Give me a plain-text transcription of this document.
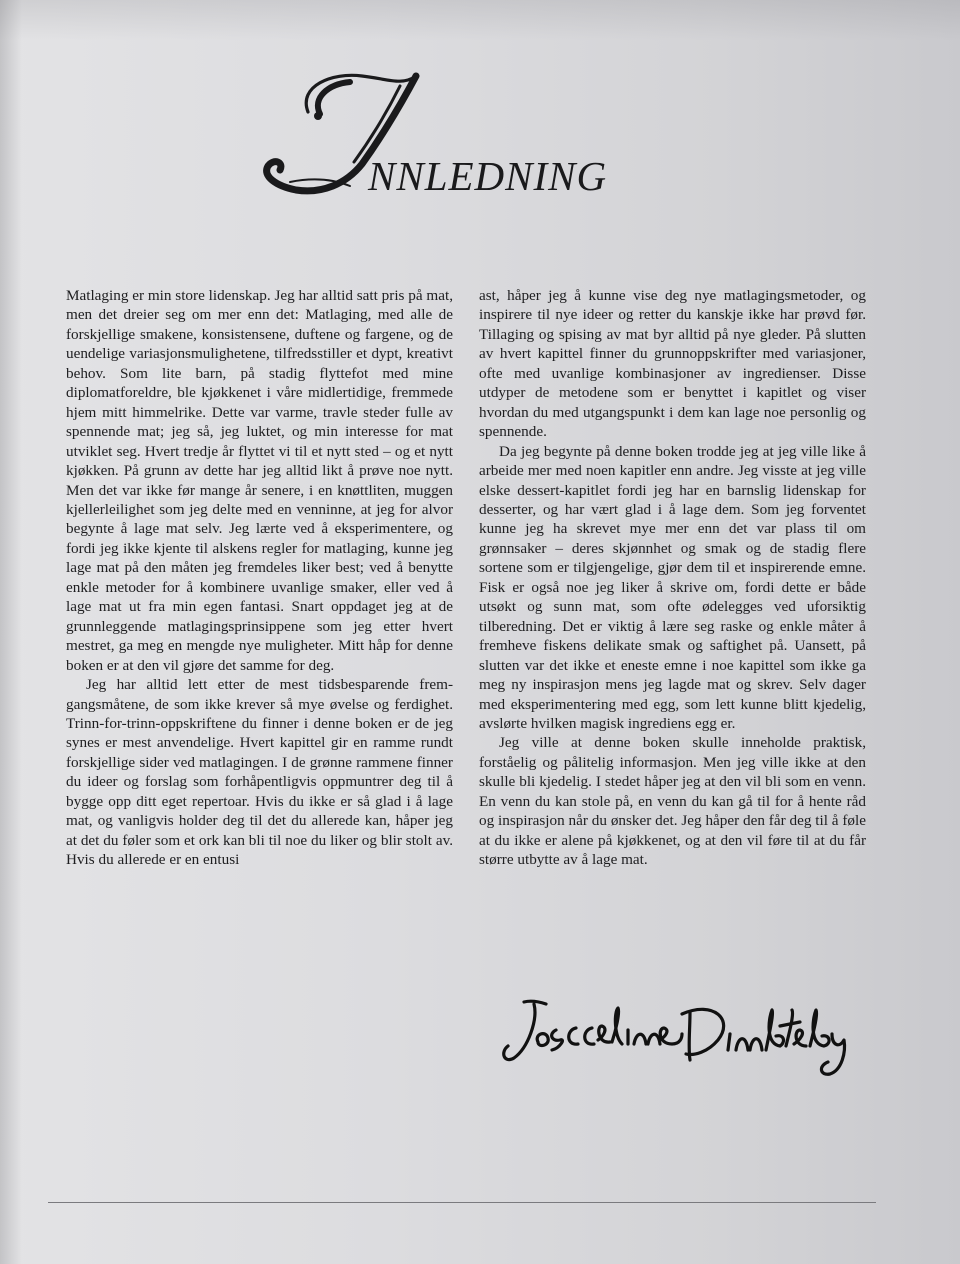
NNLEDNING

Matlaging er min store lidenskap. Jeg har alltid satt pris på mat, men det dreier seg om mer enn det: Matlaging, med alle de forskjellige smakene, konsistensene, duftene og fargene, og de uendelige variasjonsmulighetene, tilfredsstiller et dypt, kreativt behov. Som lite barn, på stadig flyttefot med mine diplomatforeldre, ble kjøkkenet i våre midlertidige, fremmede hjem mitt himmelrike. Dette var varme, travle steder fulle av spennende mat; jeg så, jeg luktet, og min interesse for mat utviklet seg. Hvert tredje år flyttet vi til et nytt sted – og et nytt kjøkken. På grunn av dette har jeg alltid likt å prøve noe nytt. Men det var ikke før mange år senere, i en knøttliten, muggen kjellerleilighet som jeg delte med en venninne, at jeg for alvor begynte å lage mat selv. Jeg lærte ved å eksperimentere, og fordi jeg ikke kjente til alskens regler for matlaging, kunne jeg lage mat på den måten jeg fremdeles liker best; ved å benytte enkle metoder for å kombinere uvanlige smaker, eller ved å lage mat ut fra min egen fantasi. Snart oppdaget jeg at de grunnleggende matlagingsprinsippene som jeg etter hvert mestret, ga meg en mengde nye muligheter. Mitt håp for denne boken er at den vil gjøre det samme for deg.

Jeg har alltid lett etter de mest tidsbesparende fremgangsmåtene, de som ikke krever så mye øvelse og ferdighet. Trinn-for-trinn-oppskriftene du finner i denne boken er de jeg synes er mest anvendelige. Hvert kapittel gir en ramme rundt forskjellige sider ved matlagingen. I de grønne rammene finner du ideer og forslag som forhåpentligvis oppmuntrer deg til å bygge opp ditt eget repertoar. Hvis du ikke er så glad i å lage mat, og vanligvis holder deg til det du allerede kan, håper jeg at det du føler som et ork kan bli til noe du liker og blir stolt av. Hvis du allerede er en entusi

ast, håper jeg å kunne vise deg nye matlagingsmetoder, og inspirere til nye ideer og retter du kanskje ikke har prøvd før. Tillaging og spising av mat byr alltid på nye gleder. På slutten av hvert kapittel finner du grunnoppskrifter med variasjoner, ofte med uvanlige kombinasjoner av ingredienser. Disse utdyper de metodene som er benyttet i kapitlet og viser hvordan du med utgangspunkt i dem kan lage noe personlig og spennende.

Da jeg begynte på denne boken trodde jeg at jeg ville like å arbeide mer med noen kapitler enn andre. Jeg visste at jeg ville elske dessert-kapitlet fordi jeg har en barnslig lidenskap for desserter, og har vært glad i å lage dem. Som jeg forventet kunne jeg ha skrevet mye mer enn det var plass til om grønnsaker – deres skjønnhet og smak og de stadig flere sortene som er tilgjengelige, gjør dem til et inspirerende emne. Fisk er også noe jeg liker å skrive om, fordi dette er både utsøkt og sunn mat, som ofte ødelegges ved uforsiktig tilberedning. Det er viktig å lære seg raske og enkle måter å fremheve fiskens delikate smak og saftighet på. Uansett, på slutten var det ikke et eneste emne i noe kapittel som ikke ga meg ny inspirasjon mens jeg lagde mat og skrev. Selv dager med eksperimentering med egg, som lett kunne blitt kjedelig, avslørte hvilken magisk ingrediens egg er.

Jeg ville at denne boken skulle inneholde praktisk, forståelig og pålitelig informasjon. Men jeg ville ikke at den skulle bli kjedelig. I stedet håper jeg at den vil bli som en venn. En venn du kan stole på, en venn du kan gå til for å hente råd og inspirasjon når du ønsker det. Jeg håper den får deg til å føle at du ikke er alene på kjøkkenet, og at den vil føre til at du får større utbytte av å lage mat.
